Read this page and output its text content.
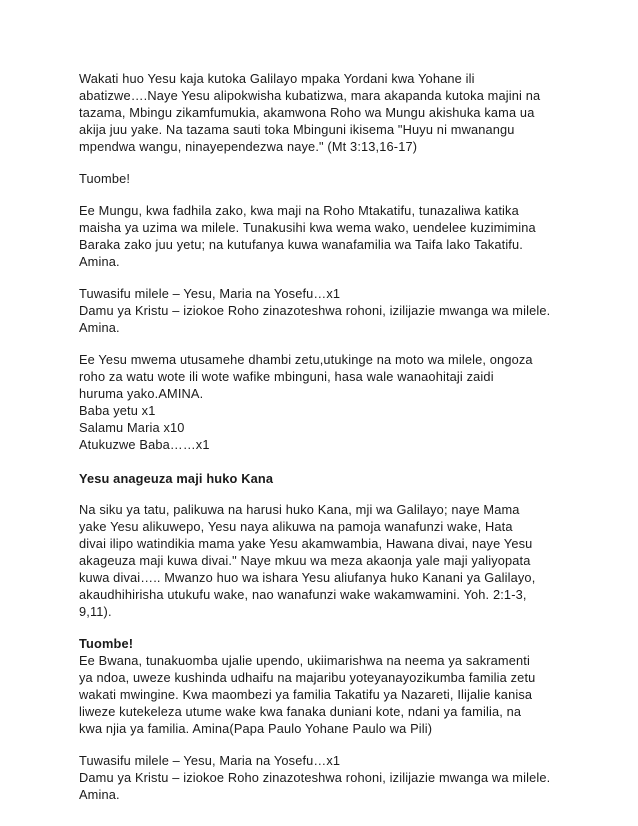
Wakati huo Yesu kaja kutoka Galilayo mpaka Yordani kwa Yohane ili
abatizwe….Naye Yesu alipokwisha kubatizwa, mara akapanda kutoka majini na
tazama, Mbingu zikamfumukia, akamwona Roho wa Mungu akishuka kama ua
akija juu yake. Na tazama sauti toka Mbinguni ikisema "Huyu ni mwanangu
mpendwa wangu, ninayependezwa naye." (Mt 3:13,16-17)

Tuombe!

Ee Mungu, kwa fadhila zako, kwa maji na Roho Mtakatifu, tunazaliwa katika
maisha ya uzima wa milele. Tunakusihi kwa wema wako, uendelee kuzimimina
Baraka zako juu yetu; na kutufanya kuwa wanafamilia wa Taifa lako Takatifu.
Amina.

Tuwasifu milele – Yesu, Maria na Yosefu…x1
Damu ya Kristu – iziokoe Roho zinazoteshwa rohoni, izilijazie mwanga wa milele.
Amina.

Ee Yesu mwema utusamehe dhambi zetu,utukinge na moto wa milele, ongoza
roho za watu wote ili wote wafike mbinguni, hasa wale wanaohitaji zaidi
huruma yako.AMINA.
Baba yetu x1
Salamu Maria x10
Atukuzwe Baba……x1

Yesu anageuza maji huko Kana

Na siku ya tatu, palikuwa na harusi huko Kana, mji wa Galilayo; naye Mama
yake Yesu alikuwepo, Yesu naya alikuwa na pamoja wanafunzi wake, Hata
divai ilipo watindikia mama yake Yesu akamwambia, Hawana divai, naye Yesu
akageuza maji kuwa divai." Naye mkuu wa meza akaonja yale maji yaliyopata
kuwa divai….. Mwanzo huo wa ishara Yesu aliufanya huko Kanani ya Galilayo,
akaudhihirisha utukufu wake, nao wanafunzi wake wakamwamini. Yoh. 2:1-3,
9,11).

Tuombe!
Ee Bwana, tunakuomba ujalie upendo, ukiimarishwa na neema ya sakramenti
ya ndoa, uweze kushinda udhaifu na majaribu yoteyanayozikumba familia zetu
wakati mwingine. Kwa maombezi ya familia Takatifu ya Nazareti, Ilijalie kanisa
liweze kutekeleza utume wake kwa fanaka duniani kote, ndani ya familia, na
kwa njia ya familia. Amina(Papa Paulo Yohane Paulo wa Pili)

Tuwasifu milele – Yesu, Maria na Yosefu…x1
Damu ya Kristu – iziokoe Roho zinazoteshwa rohoni, izilijazie mwanga wa milele.
Amina.
